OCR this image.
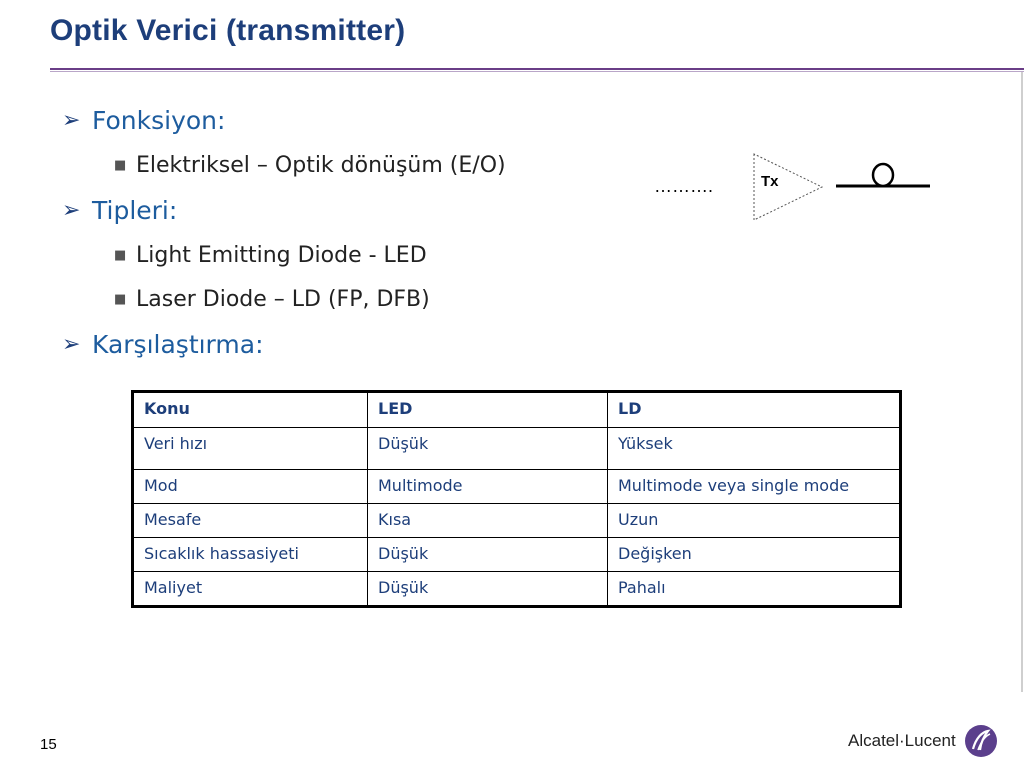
Optik Verici (transmitter)
➢ Fonksiyon:
■ Elektriksel – Optik dönüşüm (E/O)
➢ Tipleri:
■ Light Emitting Diode - LED
■ Laser Diode – LD (FP, DFB)
➢ Karşılaştırma:
……….	Tx
Konu	LED	LD
Veri hızı	Düşük	Yüksek
Mod	Multimode	Multimode veya single mode
Mesafe	Kısa	Uzun
Sıcaklık hassasiyeti	Düşük	Değişken
Maliyet	Düşük	Pahalı
15	Alcatel·Lucent
